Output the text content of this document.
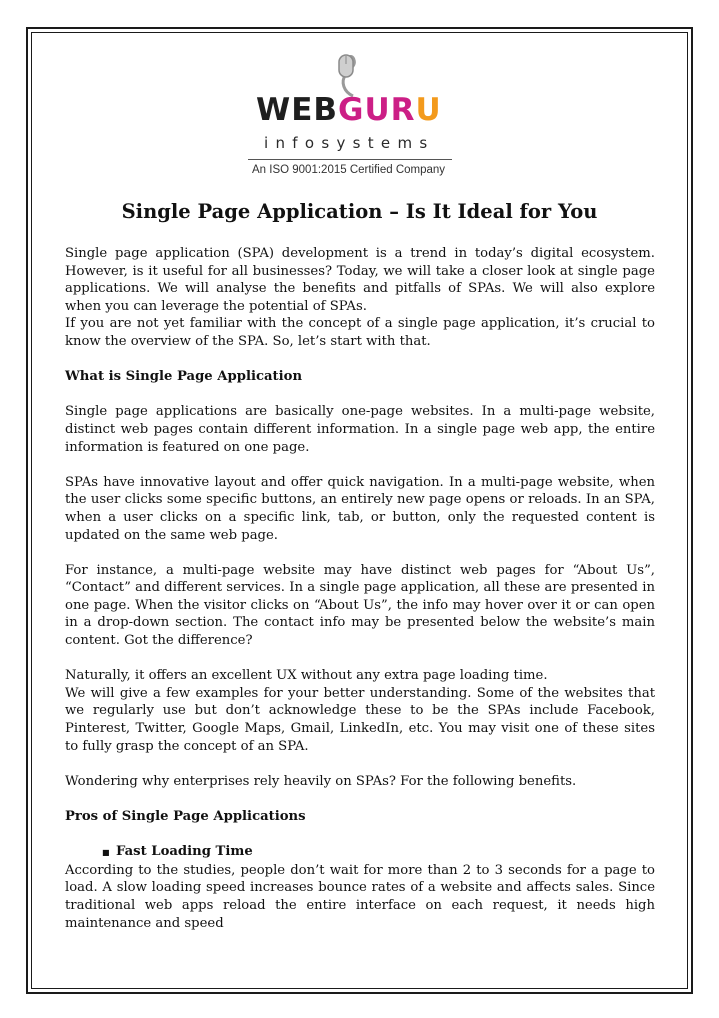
WEBGURU
infosystems
An ISO 9001:2015 Certified Company
Single Page Application – Is It Ideal for You

Single page application (SPA) development is a trend in today’s digital ecosystem. However, is it useful for all businesses? Today, we will take a closer look at single page applications. We will analyse the benefits and pitfalls of SPAs. We will also explore when you can leverage the potential of SPAs.

If you are not yet familiar with the concept of a single page application, it’s crucial to know the overview of the SPA. So, let’s start with that.

What is Single Page Application

Single page applications are basically one-page websites. In a multi-page website, distinct web pages contain different information. In a single page web app, the entire information is featured on one page.

SPAs have innovative layout and offer quick navigation. In a multi-page website, when the user clicks some specific buttons, an entirely new page opens or reloads. In an SPA, when a user clicks on a specific link, tab, or button, only the requested content is updated on the same web page.

For instance, a multi-page website may have distinct web pages for “About Us”, “Contact” and different services. In a single page application, all these are presented in one page. When the visitor clicks on “About Us”, the info may hover over it or can open in a drop-down section. The contact info may be presented below the website’s main content. Got the difference?

Naturally, it offers an excellent UX without any extra page loading time.

We will give a few examples for your better understanding. Some of the websites that we regularly use but don’t acknowledge these to be the SPAs include Facebook, Pinterest, Twitter, Google Maps, Gmail, LinkedIn, etc. You may visit one of these sites to fully grasp the concept of an SPA.

Wondering why enterprises rely heavily on SPAs? For the following benefits.

Pros of Single Page Applications

■ Fast Loading Time

According to the studies, people don’t wait for more than 2 to 3 seconds for a page to load. A slow loading speed increases bounce rates of a website and affects sales. Since traditional web apps reload the entire interface on each request, it needs high maintenance and speed
